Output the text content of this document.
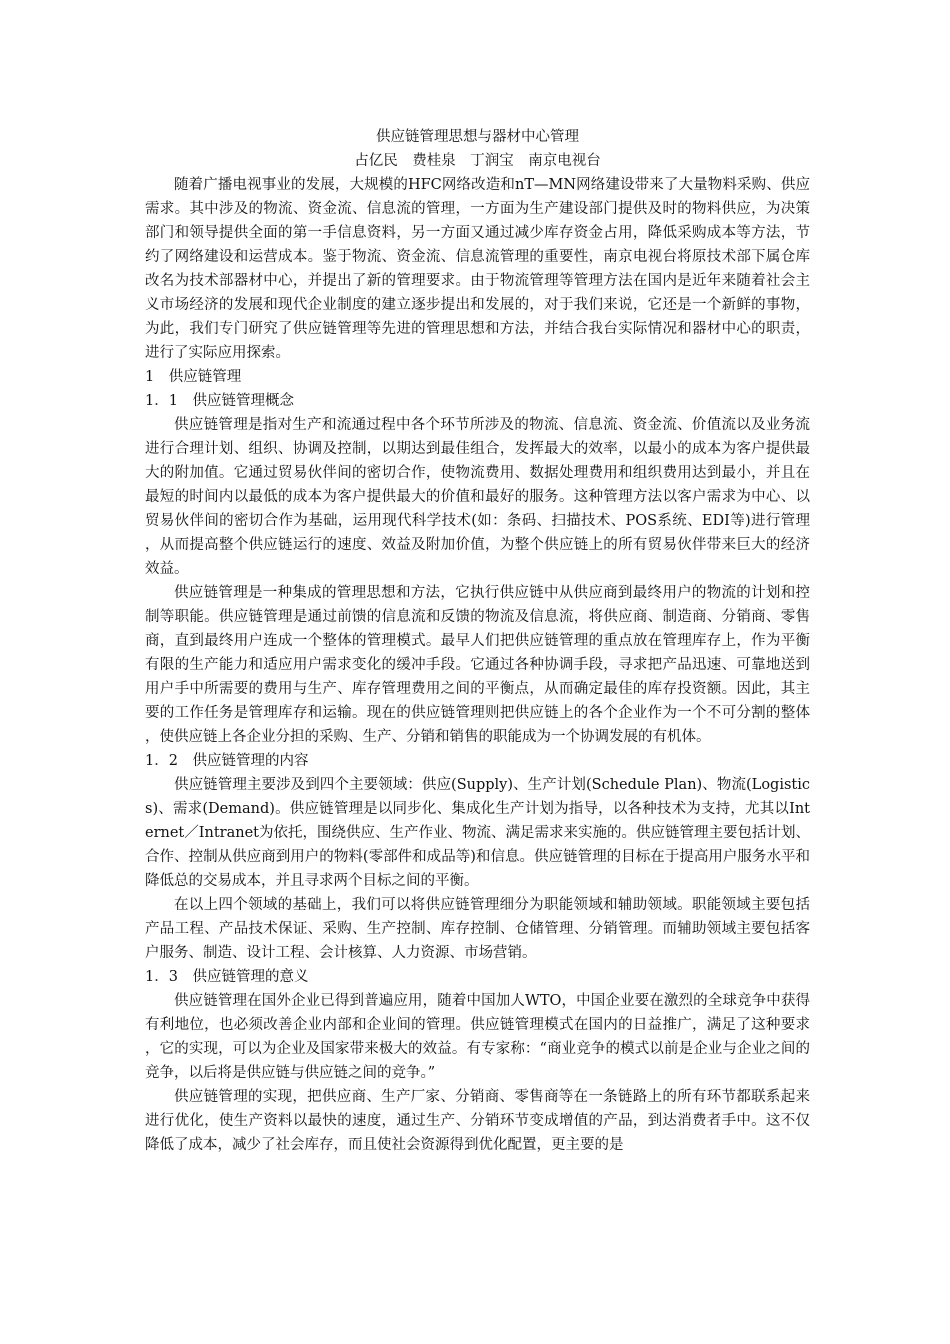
供应链管理思想与器材中心管理

占亿民　费桂泉　丁润宝　南京电视台

随着广播电视事业的发展，大规模的HFC网络改造和nT—MN网络建设带来了大量物料采购、供应需求。其中涉及的物流、资金流、信息流的管理，一方面为生产建设部门提供及时的物料供应，为决策部门和领导提供全面的第一手信息资料，另一方面又通过减少库存资金占用，降低采购成本等方法，节约了网络建设和运营成本。鉴于物流、资金流、信息流管理的重要性，南京电视台将原技术部下属仓库改名为技术部器材中心，并提出了新的管理要求。由于物流管理等管理方法在国内是近年来随着社会主义市场经济的发展和现代企业制度的建立逐步提出和发展的，对于我们来说，它还是一个新鲜的事物，为此，我们专门研究了供应链管理等先进的管理思想和方法，并结合我台实际情况和器材中心的职责，进行了实际应用探索。

1　供应链管理

1．1　供应链管理概念

供应链管理是指对生产和流通过程中各个环节所涉及的物流、信息流、资金流、价值流以及业务流进行合理计划、组织、协调及控制，以期达到最佳组合，发挥最大的效率，以最小的成本为客户提供最大的附加值。它通过贸易伙伴间的密切合作，使物流费用、数据处理费用和组织费用达到最小，并且在最短的时间内以最低的成本为客户提供最大的价值和最好的服务。这种管理方法以客户需求为中心、以贸易伙伴间的密切合作为基础，运用现代科学技术(如：条码、扫描技术、POS系统、EDI等)进行管理，从而提高整个供应链运行的速度、效益及附加价值，为整个供应链上的所有贸易伙伴带来巨大的经济效益。

供应链管理是一种集成的管理思想和方法，它执行供应链中从供应商到最终用户的物流的计划和控制等职能。供应链管理是通过前馈的信息流和反馈的物流及信息流，将供应商、制造商、分销商、零售商，直到最终用户连成一个整体的管理模式。最早人们把供应链管理的重点放在管理库存上，作为平衡有限的生产能力和适应用户需求变化的缓冲手段。它通过各种协调手段，寻求把产品迅速、可靠地送到用户手中所需要的费用与生产、库存管理费用之间的平衡点，从而确定最佳的库存投资额。因此，其主要的工作任务是管理库存和运输。现在的供应链管理则把供应链上的各个企业作为一个不可分割的整体，使供应链上各企业分担的采购、生产、分销和销售的职能成为一个协调发展的有机体。

1．2　供应链管理的内容

供应链管理主要涉及到四个主要领域：供应(Supply)、生产计划(Schedule Plan)、物流(Logistics)、需求(Demand)。供应链管理是以同步化、集成化生产计划为指导，以各种技术为支持，尤其以Internet／Intranet为依托，围绕供应、生产作业、物流、满足需求来实施的。供应链管理主要包括计划、合作、控制从供应商到用户的物料(零部件和成品等)和信息。供应链管理的目标在于提高用户服务水平和降低总的交易成本，并且寻求两个目标之间的平衡。

在以上四个领域的基础上，我们可以将供应链管理细分为职能领域和辅助领域。职能领域主要包括产品工程、产品技术保证、采购、生产控制、库存控制、仓储管理、分销管理。而辅助领域主要包括客户服务、制造、设计工程、会计核算、人力资源、市场营销。

1．3　供应链管理的意义

供应链管理在国外企业已得到普遍应用，随着中国加人WTO，中国企业要在激烈的全球竞争中获得有利地位，也必须改善企业内部和企业间的管理。供应链管理模式在国内的日益推广，满足了这种要求，它的实现，可以为企业及国家带来极大的效益。有专家称：“商业竞争的模式以前是企业与企业之间的竞争，以后将是供应链与供应链之间的竞争。”

供应链管理的实现，把供应商、生产厂家、分销商、零售商等在一条链路上的所有环节都联系起来进行优化，使生产资料以最快的速度，通过生产、分销环节变成增值的产品，到达消费者手中。这不仅降低了成本，减少了社会库存，而且使社会资源得到优化配置，更主要的是
